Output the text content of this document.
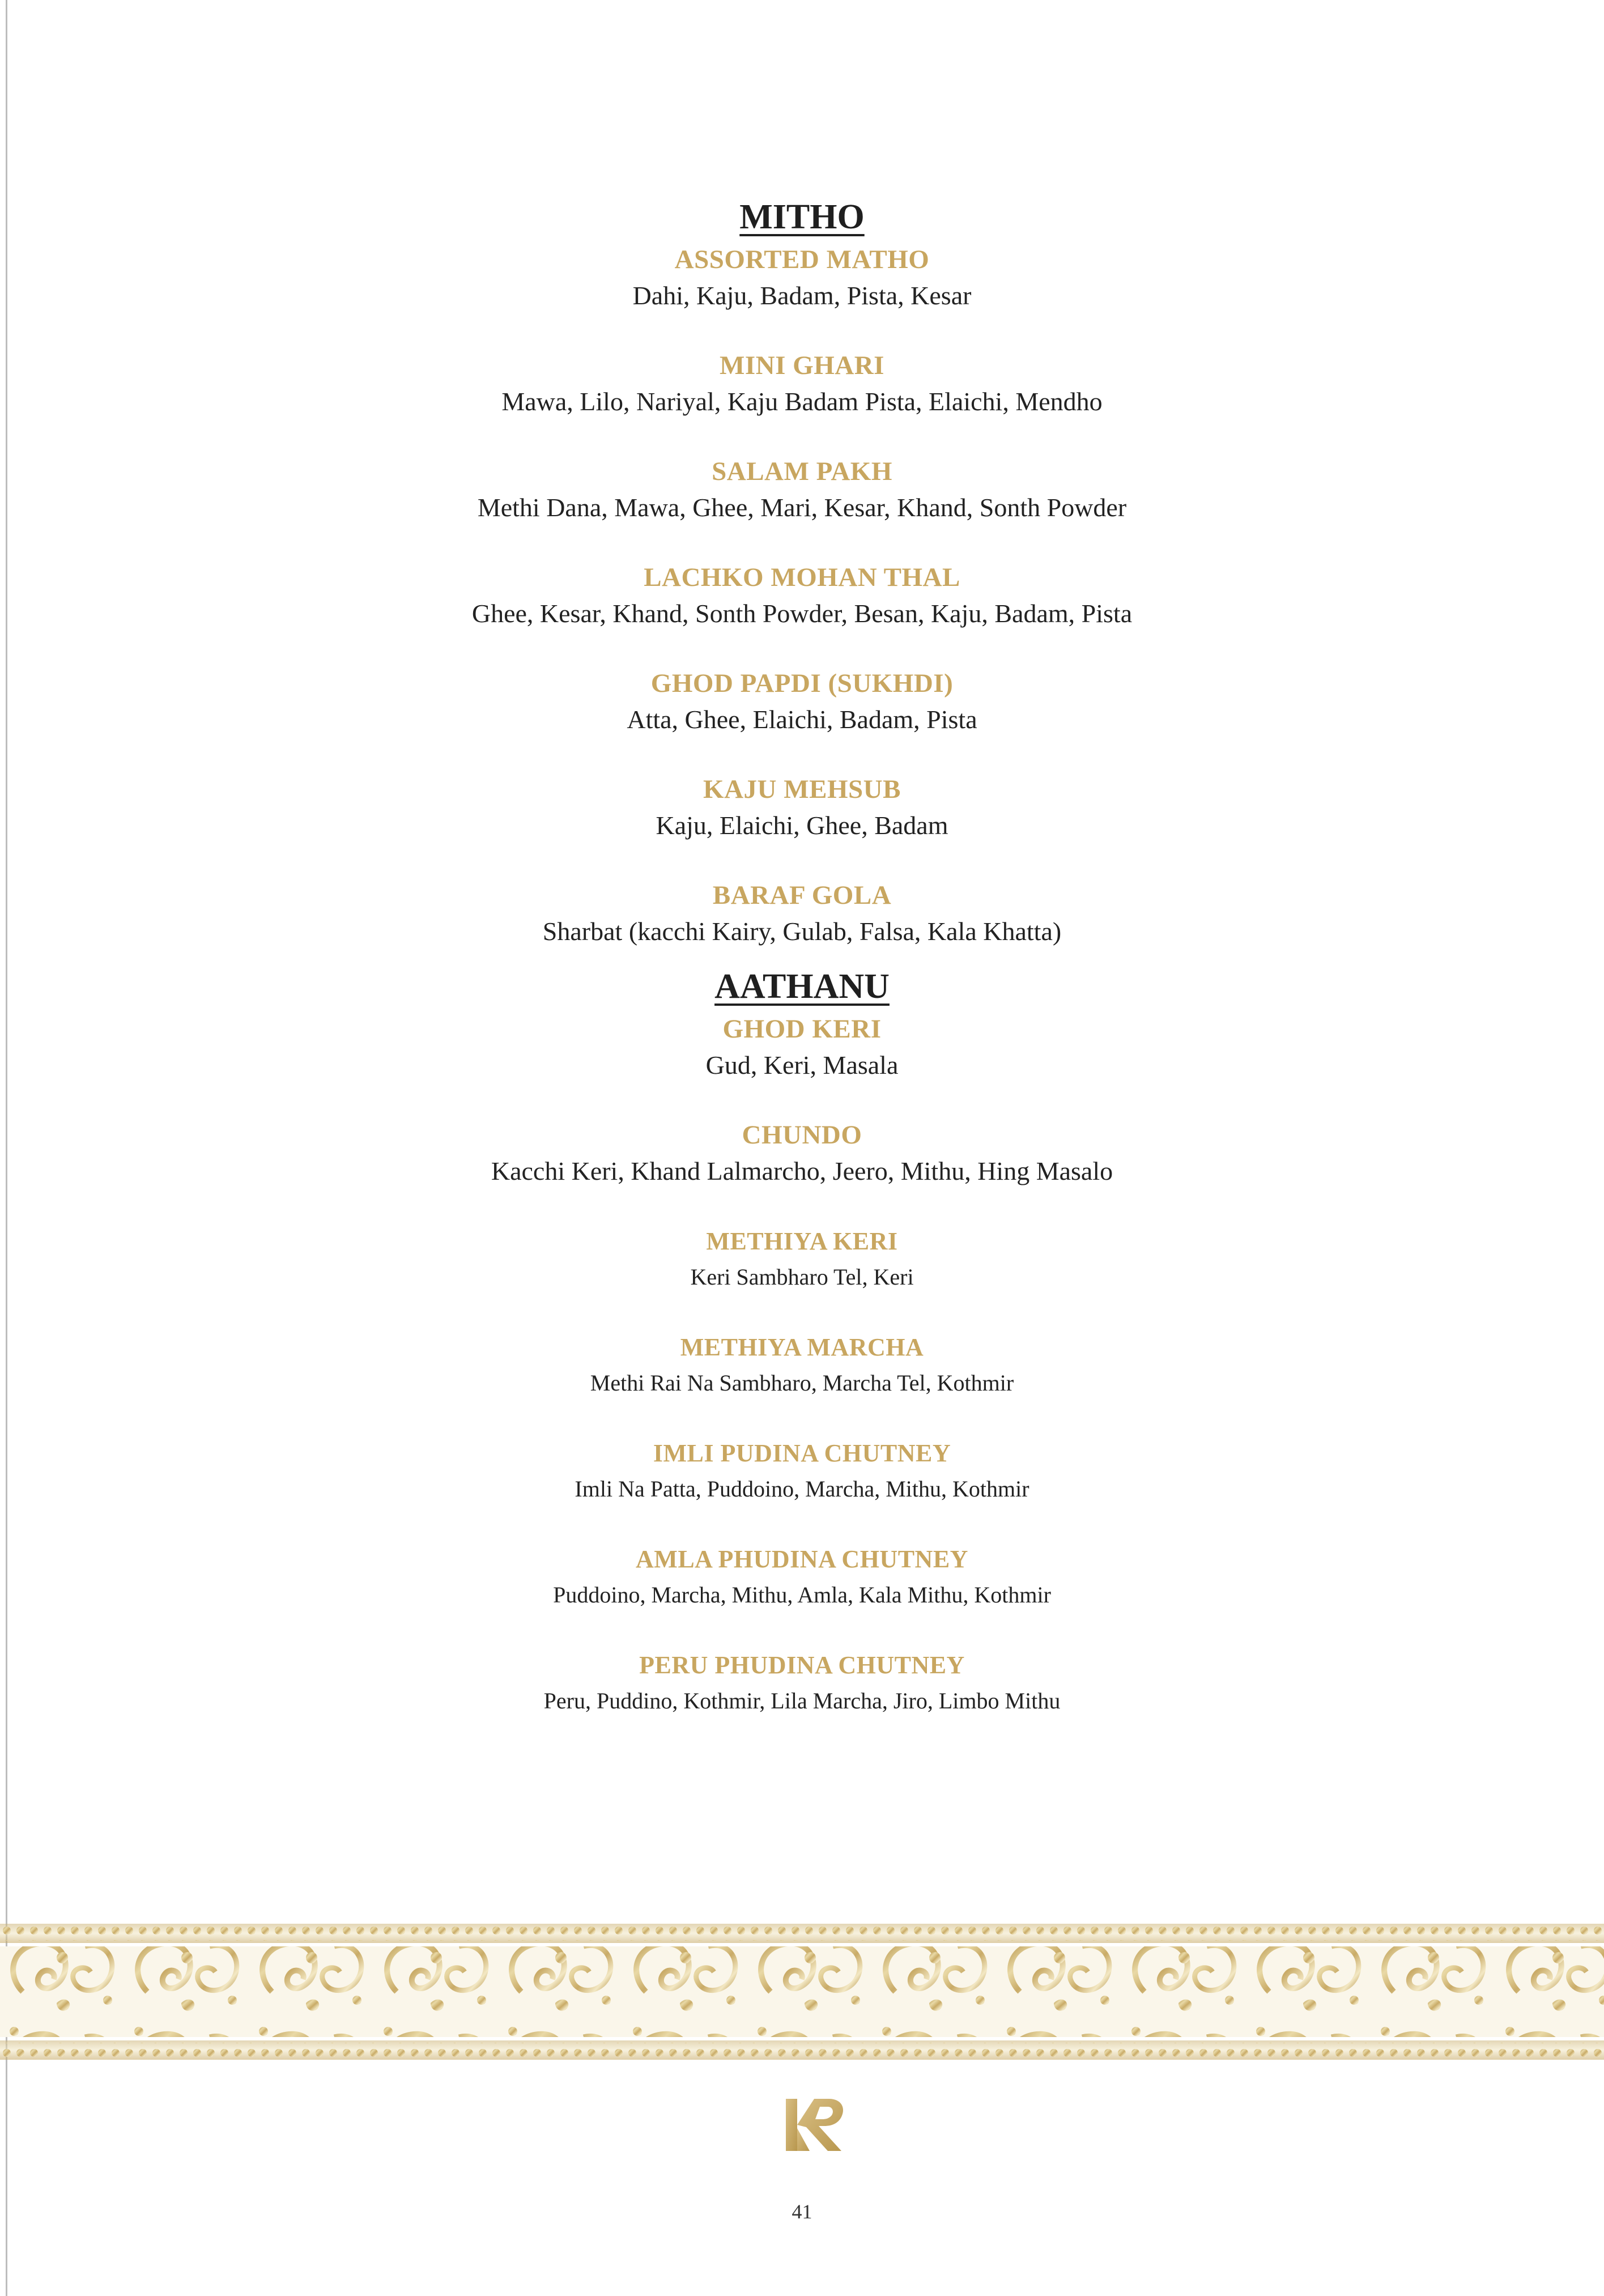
MITHO
ASSORTED MATHO
Dahi, Kaju, Badam, Pista, Kesar
MINI GHARI
Mawa, Lilo, Nariyal, Kaju Badam Pista, Elaichi, Mendho
SALAM PAKH
Methi Dana, Mawa, Ghee, Mari, Kesar, Khand, Sonth Powder
LACHKO MOHAN THAL
Ghee, Kesar, Khand, Sonth Powder, Besan, Kaju, Badam, Pista
GHOD PAPDI (SUKHDI)
Atta, Ghee, Elaichi, Badam, Pista
KAJU MEHSUB
Kaju, Elaichi, Ghee, Badam
BARAF GOLA
Sharbat (kacchi Kairy, Gulab, Falsa, Kala Khatta)
AATHANU
GHOD KERI
Gud, Keri, Masala
CHUNDO
Kacchi Keri, Khand Lalmarcho, Jeero, Mithu, Hing Masalo
METHIYA KERI
Keri Sambharo Tel, Keri
METHIYA MARCHA
Methi Rai Na Sambharo, Marcha Tel, Kothmir
IMLI PUDINA CHUTNEY
Imli Na Patta, Puddoino, Marcha, Mithu, Kothmir
AMLA PHUDINA CHUTNEY
Puddoino, Marcha, Mithu, Amla, Kala Mithu, Kothmir
PERU PHUDINA CHUTNEY
Peru, Puddino, Kothmir, Lila Marcha, Jiro, Limbo Mithu
41
